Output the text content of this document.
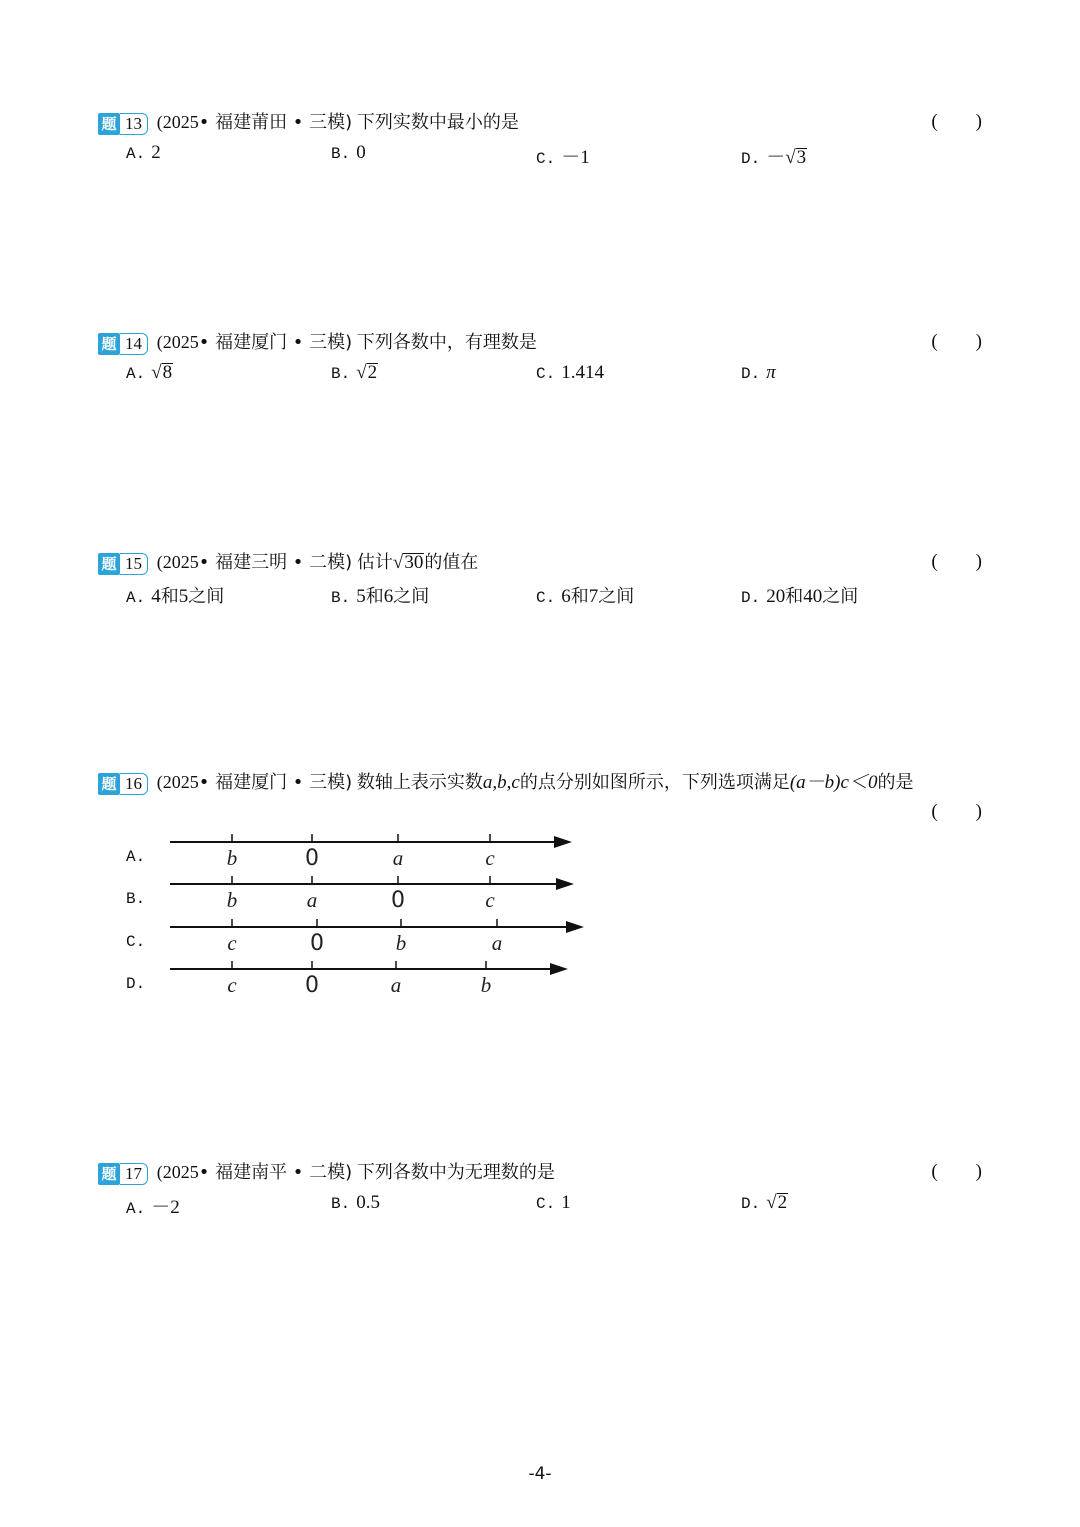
题 13 (2025• 福建莆田 • 三模) 下列实数中最小的是	(　　)
A. 2	B. 0	C. －1	D. －√3
题 14 (2025• 福建厦门 • 三模) 下列各数中，有理数是	(　　)
A. √8	B. √2	C. 1.414	D. π
题 15 (2025• 福建三明 • 二模) 估计√30的值在	(　　)
A. 4和5之间	B. 5和6之间	C. 6和7之间	D. 20和40之间
题 16 (2025• 福建厦门 • 三模) 数轴上表示实数a,b,c的点分别如图所示，下列选项满足(a－b)c＜0的是
(　　)
A.	b	0	a	c
B.	b	a	0	c
C.	c	0	b	a
D.	c	0	a	b
题 17 (2025• 福建南平 • 二模) 下列各数中为无理数的是	(　　)
A. －2	B. 0.5	C. 1	D. √2
-4-
